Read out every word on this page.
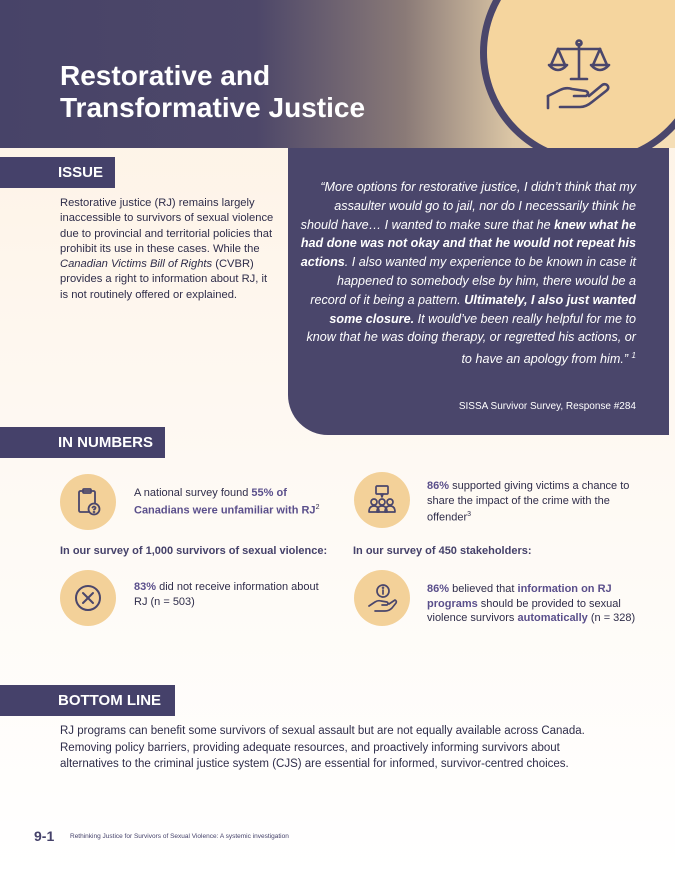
Restorative and
Transformative Justice
ISSUE
Restorative justice (RJ) remains largely inaccessible to survivors of sexual violence due to provincial and territorial policies that prohibit its use in these cases. While the Canadian Victims Bill of Rights (CVBR) provides a right to information about RJ, it is not routinely offered or explained.
“More options for restorative justice, I didn’t think that my assaulter would go to jail, nor do I necessarily think he should have… I wanted to make sure that he knew what he had done was not okay and that he would not repeat his actions. I also wanted my experience to be known in case it happened to somebody else by him, there would be a record of it being a pattern. Ultimately, I also just wanted some closure. It would’ve been really helpful for me to know that he was doing therapy, or regretted his actions, or to have an apology from him.” $^1$
SISSA Survivor Survey, Response #284
IN NUMBERS
A national survey found 55% of Canadians were unfamiliar with $RJ^2$
86% supported giving victims a chance to share the impact of the crime with the offender$^3$
In our survey of 1,000 survivors of sexual violence: In our survey of 450 stakeholders:
83% did not receive information about RJ (n = 503)
86% believed that information on RJ programs should be provided to sexual violence survivors automatically (n = 328)
BOTTOM LINE
RJ programs can benefit some survivors of sexual assault but are not equally available across Canada. Removing policy barriers, providing adequate resources, and proactively informing survivors about alternatives to the criminal justice system (CJS) are essential for informed, survivor-centred choices.
9-1 Rethinking Justice for Survivors of Sexual Violence: A systemic investigation
